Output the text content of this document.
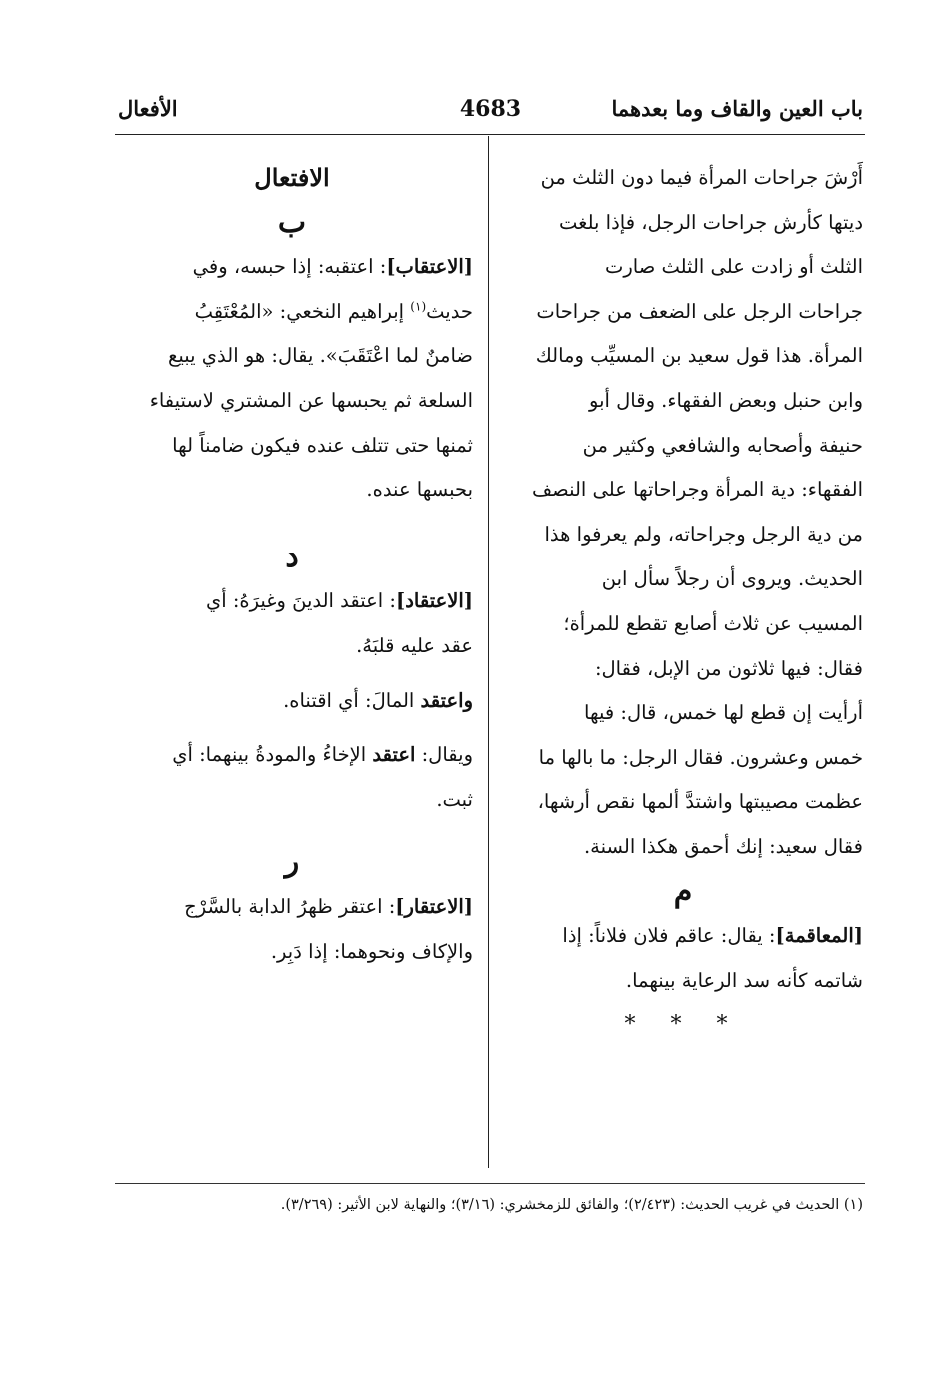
باب العين والقاف وما بعدهما
4683
الأفعال

أَرْشَ جراحات المرأة فيما دون الثلث من

ديتها كأرش جراحات الرجل، فإذا بلغت

الثلث أو زادت على الثلث صارت

جراحات الرجل على الضعف من جراحات

المرأة. هذا قول سعيد بن المسيِّب ومالك

وابن حنبل وبعض الفقهاء. وقال أبو

حنيفة وأصحابه والشافعي وكثير من

الفقهاء: دية المرأة وجراحاتها على النصف

من دية الرجل وجراحاته، ولم يعرفوا هذا

الحديث. ويروى أن رجلاً سأل ابن

المسيب عن ثلاث أصابع تقطع للمرأة؛

فقال: فيها ثلاثون من الإبل، فقال:

أرأيت إن قطع لها خمس، قال: فيها

خمس وعشرون. فقال الرجل: ما بالها ما

عظمت مصيبتها واشتدَّ ألمها نقص أرشها،

فقال سعيد: إنك أحمق هكذا السنة.

م

[المعاقمة]: يقال: عاقم فلان فلاناً: إذا

شاتمه كأنه سد الرعاية بينهما.

* * *

الافتعال

ب

[الاعتقاب]: اعتقبه: إذا حبسه، وفي

حديث$^{(١)}$ إبراهيم النخعي: «المُعْتَقِبُ

ضامنٌ لما اعْتَقَبَ». يقال: هو الذي يبيع

السلعة ثم يحبسها عن المشتري لاستيفاء

ثمنها حتى تتلف عنده فيكون ضامناً لها

بحبسها عنده.

د

[الاعتقاد]: اعتقد الدينَ وغيرَهُ: أي

عقد عليه قلبَهُ.

واعتقد المالَ: أي اقتناه.

ويقال: اعتقد الإخاءُ والمودةُ بينهما: أي

ثبت.

ر

[الاعتقار]: اعتقر ظهرُ الدابة بالسَّرْج

والإكاف ونحوهما: إذا دَبِر.

(١) الحديث في غريب الحديث: (٢/٤٢٣)؛ والفائق للزمخشري: (٣/١٦)؛ والنهاية لابن الأثير: (٣/٢٦٩).
